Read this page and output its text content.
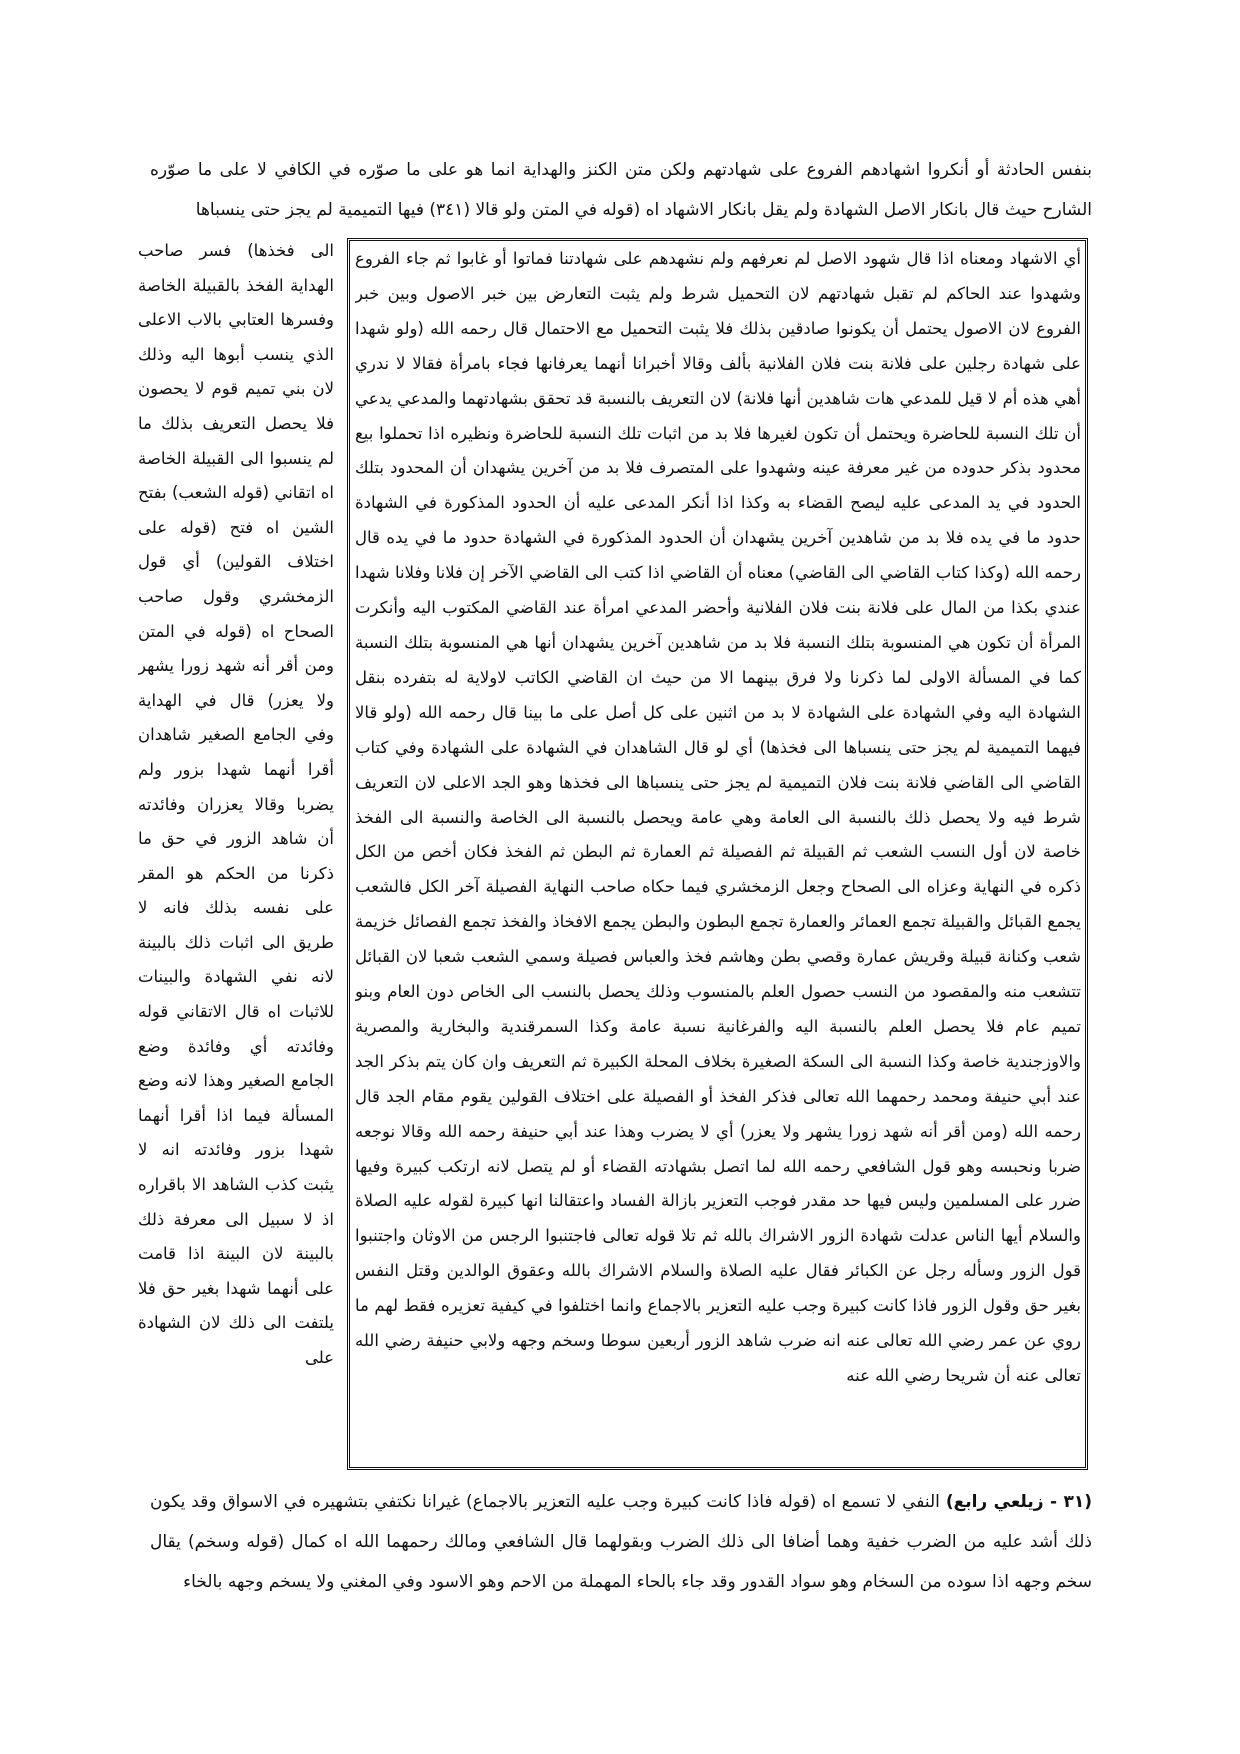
بنفس الحادثة أو أنكروا اشهادهم الفروع على شهادتهم ولكن متن الكنز والهداية انما هو على ما صوّره في الكافي لا على ما صوّره الشارح حيث قال بانكار الاصل الشهادة ولم يقل بانكار الاشهاد اه (قوله في المتن ولو قالا (٣٤١) فيها التميمية لم يجز حتى ينسباها
أي الاشهاد ومعناه اذا قال شهود الاصل لم نعرفهم ولم نشهدهم على شهادتنا فماتوا أو غابوا ثم جاء الفروع وشهدوا عند الحاكم لم تقبل شهادتهم لان التحميل شرط ولم يثبت التعارض بين خبر الاصول وبين خبر الفروع لان الاصول يحتمل أن يكونوا صادقين بذلك فلا يثبت التحميل مع الاحتمال قال رحمه الله (ولو شهدا على شهادة رجلين على فلانة بنت فلان الفلانية بألف وقالا أخبرانا أنهما يعرفانها فجاء بامرأة فقالا لا ندري أهي هذه أم لا قيل للمدعي هات شاهدين أنها فلانة) لان التعريف بالنسبة قد تحقق بشهادتهما والمدعي يدعي أن تلك النسبة للحاضرة ويحتمل أن تكون لغيرها فلا بد من اثبات تلك النسبة للحاضرة ونظيره اذا تحملوا بيع محدود بذكر حدوده من غير معرفة عينه وشهدوا على المتصرف فلا بد من آخرين يشهدان أن المحدود بتلك الحدود في يد المدعى عليه ليصح القضاء به وكذا اذا أنكر المدعى عليه أن الحدود المذكورة في الشهادة حدود ما في يده فلا بد من شاهدين آخرين يشهدان أن الحدود المذكورة في الشهادة حدود ما في يده قال رحمه الله (وكذا كتاب القاضي الى القاضي) معناه أن القاضي اذا كتب الى القاضي الآخر إن فلانا وفلانا شهدا عندي بكذا من المال على فلانة بنت فلان الفلانية وأحضر المدعي امرأة عند القاضي المكتوب اليه وأنكرت المرأة أن تكون هي المنسوبة بتلك النسبة فلا بد من شاهدين آخرين يشهدان أنها هي المنسوبة بتلك النسبة كما في المسألة الاولى لما ذكرنا ولا فرق بينهما الا من حيث ان القاضي الكاتب لاولاية له بتفرده بنقل الشهادة اليه وفي الشهادة على الشهادة لا بد من اثنين على كل أصل على ما بينا قال رحمه الله (ولو قالا فيهما التميمية لم يجز حتى ينسباها الى فخذها) أي لو قال الشاهدان في الشهادة على الشهادة وفي كتاب القاضي الى القاضي فلانة بنت فلان التميمية لم يجز حتى ينسباها الى فخذها وهو الجد الاعلى لان التعريف شرط فيه ولا يحصل ذلك بالنسبة الى العامة وهي عامة ويحصل بالنسبة الى الخاصة والنسبة الى الفخذ خاصة لان أول النسب الشعب ثم القبيلة ثم الفصيلة ثم العمارة ثم البطن ثم الفخذ فكان أخص من الكل ذكره في النهاية وعزاه الى الصحاح وجعل الزمخشري فيما حكاه صاحب النهاية الفصيلة آخر الكل فالشعب يجمع القبائل والقبيلة تجمع العمائر والعمارة تجمع البطون والبطن يجمع الافخاذ والفخذ تجمع الفصائل خزيمة شعب وكنانة قبيلة وقريش عمارة وقصي بطن وهاشم فخذ والعباس فصيلة وسمي الشعب شعبا لان القبائل تتشعب منه والمقصود من النسب حصول العلم بالمنسوب وذلك يحصل بالنسب الى الخاص دون العام وبنو تميم عام فلا يحصل العلم بالنسبة اليه والفرغانية نسبة عامة وكذا السمرقندية والبخارية والمصرية والاوزجندية خاصة وكذا النسبة الى السكة الصغيرة بخلاف المحلة الكبيرة ثم التعريف وان كان يتم بذكر الجد عند أبي حنيفة ومحمد رحمهما الله تعالى فذكر الفخذ أو الفصيلة على اختلاف القولين يقوم مقام الجد قال رحمه الله (ومن أقر أنه شهد زورا يشهر ولا يعزر) أي لا يضرب وهذا عند أبي حنيفة رحمه الله وقالا نوجعه ضربا ونحبسه وهو قول الشافعي رحمه الله لما اتصل بشهادته القضاء أو لم يتصل لانه ارتكب كبيرة وفيها ضرر على المسلمين وليس فيها حد مقدر فوجب التعزير بازالة الفساد واعتقالنا انها كبيرة لقوله عليه الصلاة والسلام أيها الناس عدلت شهادة الزور الاشراك بالله ثم تلا قوله تعالى فاجتنبوا الرجس من الاوثان واجتنبوا قول الزور وسأله رجل عن الكبائر فقال عليه الصلاة والسلام الاشراك بالله وعقوق الوالدين وقتل النفس بغير حق وقول الزور فاذا كانت كبيرة وجب عليه التعزير بالاجماع وانما اختلفوا في كيفية تعزيره فقط لهم ما روي عن عمر رضي الله تعالى عنه انه ضرب شاهد الزور أربعين سوطا وسخم وجهه ولابي حنيفة رضي الله تعالى عنه أن شريحا رضي الله عنه
الى فخذها) فسر صاحب الهداية الفخذ بالقبيلة الخاصة وفسرها العتابي بالاب الاعلى الذي ينسب أبوها اليه وذلك لان بني تميم قوم لا يحصون فلا يحصل التعريف بذلك ما لم ينسبوا الى القبيلة الخاصة اه اتقاني (قوله الشعب) بفتح الشين اه فتح (قوله على اختلاف القولين) أي قول الزمخشري وقول صاحب الصحاح اه (قوله في المتن ومن أقر أنه شهد زورا يشهر ولا يعزر) قال في الهداية وفي الجامع الصغير شاهدان أقرا أنهما شهدا بزور ولم يضربا وقالا يعزران وفائدته أن شاهد الزور في حق ما ذكرنا من الحكم هو المقر على نفسه بذلك فانه لا طريق الى اثبات ذلك بالبينة لانه نفي الشهادة والبينات للاثبات اه قال الاتقاني قوله وفائدته أي وفائدة وضع الجامع الصغير وهذا لانه وضع المسألة فيما اذا أقرا أنهما شهدا بزور وفائدته انه لا يثبت كذب الشاهد الا باقراره اذ لا سبيل الى معرفة ذلك بالبينة لان البينة اذا قامت على أنهما شهدا بغير حق فلا يلتفت الى ذلك لان الشهادة على
(٣١ - زيلعي رابع) النفي لا تسمع اه (قوله فاذا كانت كبيرة وجب عليه التعزير بالاجماع) غيرانا نكتفي بتشهيره في الاسواق وقد يكون ذلك أشد عليه من الضرب خفية وهما أضافا الى ذلك الضرب وبقولهما قال الشافعي ومالك رحمهما الله اه كمال (قوله وسخم) يقال سخم وجهه اذا سوده من السخام وهو سواد القدور وقد جاء بالحاء المهملة من الاحم وهو الاسود وفي المغني ولا يسخم وجهه بالخاء
